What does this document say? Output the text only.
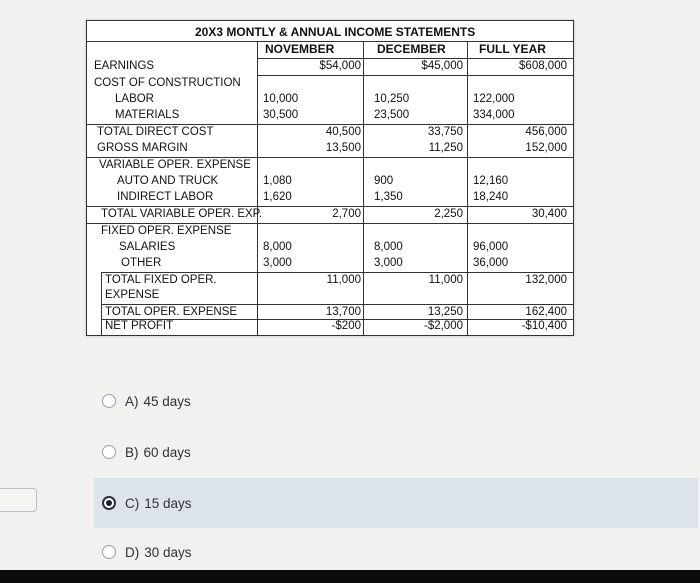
20X3 MONTLY & ANNUAL INCOME STATEMENTS
NOVEMBER	DECEMBER	FULL YEAR
EARNINGS	$54,000	$45,000	$608,000
COST OF CONSTRUCTION
LABOR	10,000	10,250	122,000
MATERIALS	30,500	23,500	334,000
TOTAL DIRECT COST	40,500	33,750	456,000
GROSS MARGIN	13,500	11,250	152,000
VARIABLE OPER. EXPENSE
AUTO AND TRUCK	1,080	900	12,160
INDIRECT LABOR	1,620	1,350	18,240
TOTAL VARIABLE OPER. EXP.	2,700	2,250	30,400
FIXED OPER. EXPENSE
SALARIES	8,000	8,000	96,000
OTHER	3,000	3,000	36,000
TOTAL FIXED OPER.
EXPENSE
11,000	11,000	132,000
TOTAL OPER. EXPENSE	13,700	13,250	162,400
NET PROFIT	-$200	-$2,000	-$10,400
A) 45 days
B) 60 days
C) 15 days
D) 30 days
